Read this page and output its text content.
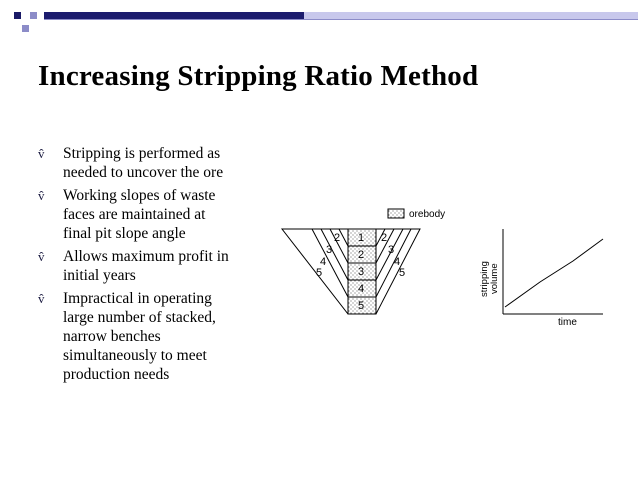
Increasing Stripping Ratio Method
v̂ Stripping is performed as
needed to uncover the ore
v̂ Working slopes of waste
faces are maintained at
final pit slope angle
v̂ Allows maximum profit in
initial years
v̂ Impractical in operating
large number of stacked,
narrow benches
simultaneously to meet
production needs
orebody
1
2
3
4
5
2
3
4
5
2
3
4
5	stripping volume
time
